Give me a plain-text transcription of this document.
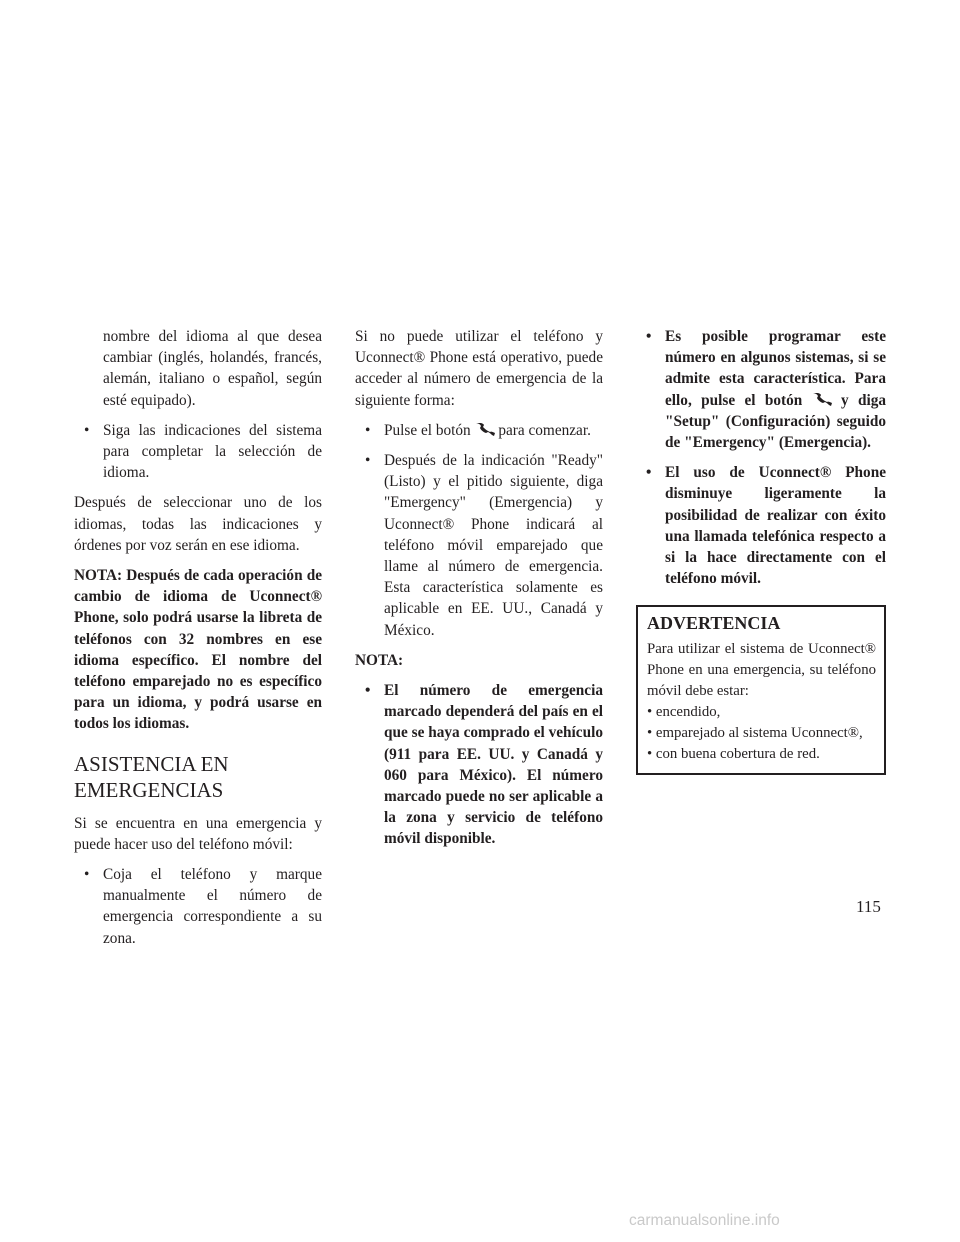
nombre del idioma al que desea cambiar (inglés, holandés, francés, alemán, italiano o español, según esté equipado).

• Siga las indicaciones del sistema para completar la selección de idioma.

Después de seleccionar uno de los idiomas, todas las indicaciones y órdenes por voz serán en ese idioma.

NOTA: Después de cada operación de cambio de idioma de Uconnect® Phone, solo podrá usarse la libreta de teléfonos con 32 nombres en ese idioma específico. El nombre del teléfono emparejado no es específico para un idioma, y podrá usarse en todos los idiomas.

ASISTENCIA EN
EMERGENCIAS

Si se encuentra en una emergencia y puede hacer uso del teléfono móvil:

• Coja el teléfono y marque manualmente el número de emergencia correspondiente a su zona.

Si no puede utilizar el teléfono y Uconnect® Phone está operativo, puede acceder al número de emergencia de la siguiente forma:

• Pulse el botón para comenzar.
• Después de la indicación "Ready" (Listo) y el pitido siguiente, diga "Emergency" (Emergencia) y Uconnect® Phone indicará al teléfono móvil emparejado que llame al número de emergencia. Esta característica solamente es aplicable en EE. UU., Canadá y México.

NOTA:

• El número de emergencia marcado dependerá del país en el que se haya comprado el vehículo (911 para EE. UU. y Canadá y 060 para México). El número marcado puede no ser aplicable a la zona y servicio de teléfono móvil disponible.
• Es posible programar este número en algunos sistemas, si se admite esta característica. Para ello, pulse el botón	y diga "Setup" (Configuración) seguido de "Emergency" (Emergencia).
• El uso de Uconnect® Phone disminuye ligeramente la posibilidad de realizar con éxito una llamada telefónica respecto a si la hace directamente con el teléfono móvil.
ADVERTENCIA

Para utilizar el sistema de Uconnect® Phone en una emergencia, su teléfono móvil debe estar:

• encendido,

• emparejado al sistema Uconnect®,

• con buena cobertura de red.

115
carmanualsonline.info
